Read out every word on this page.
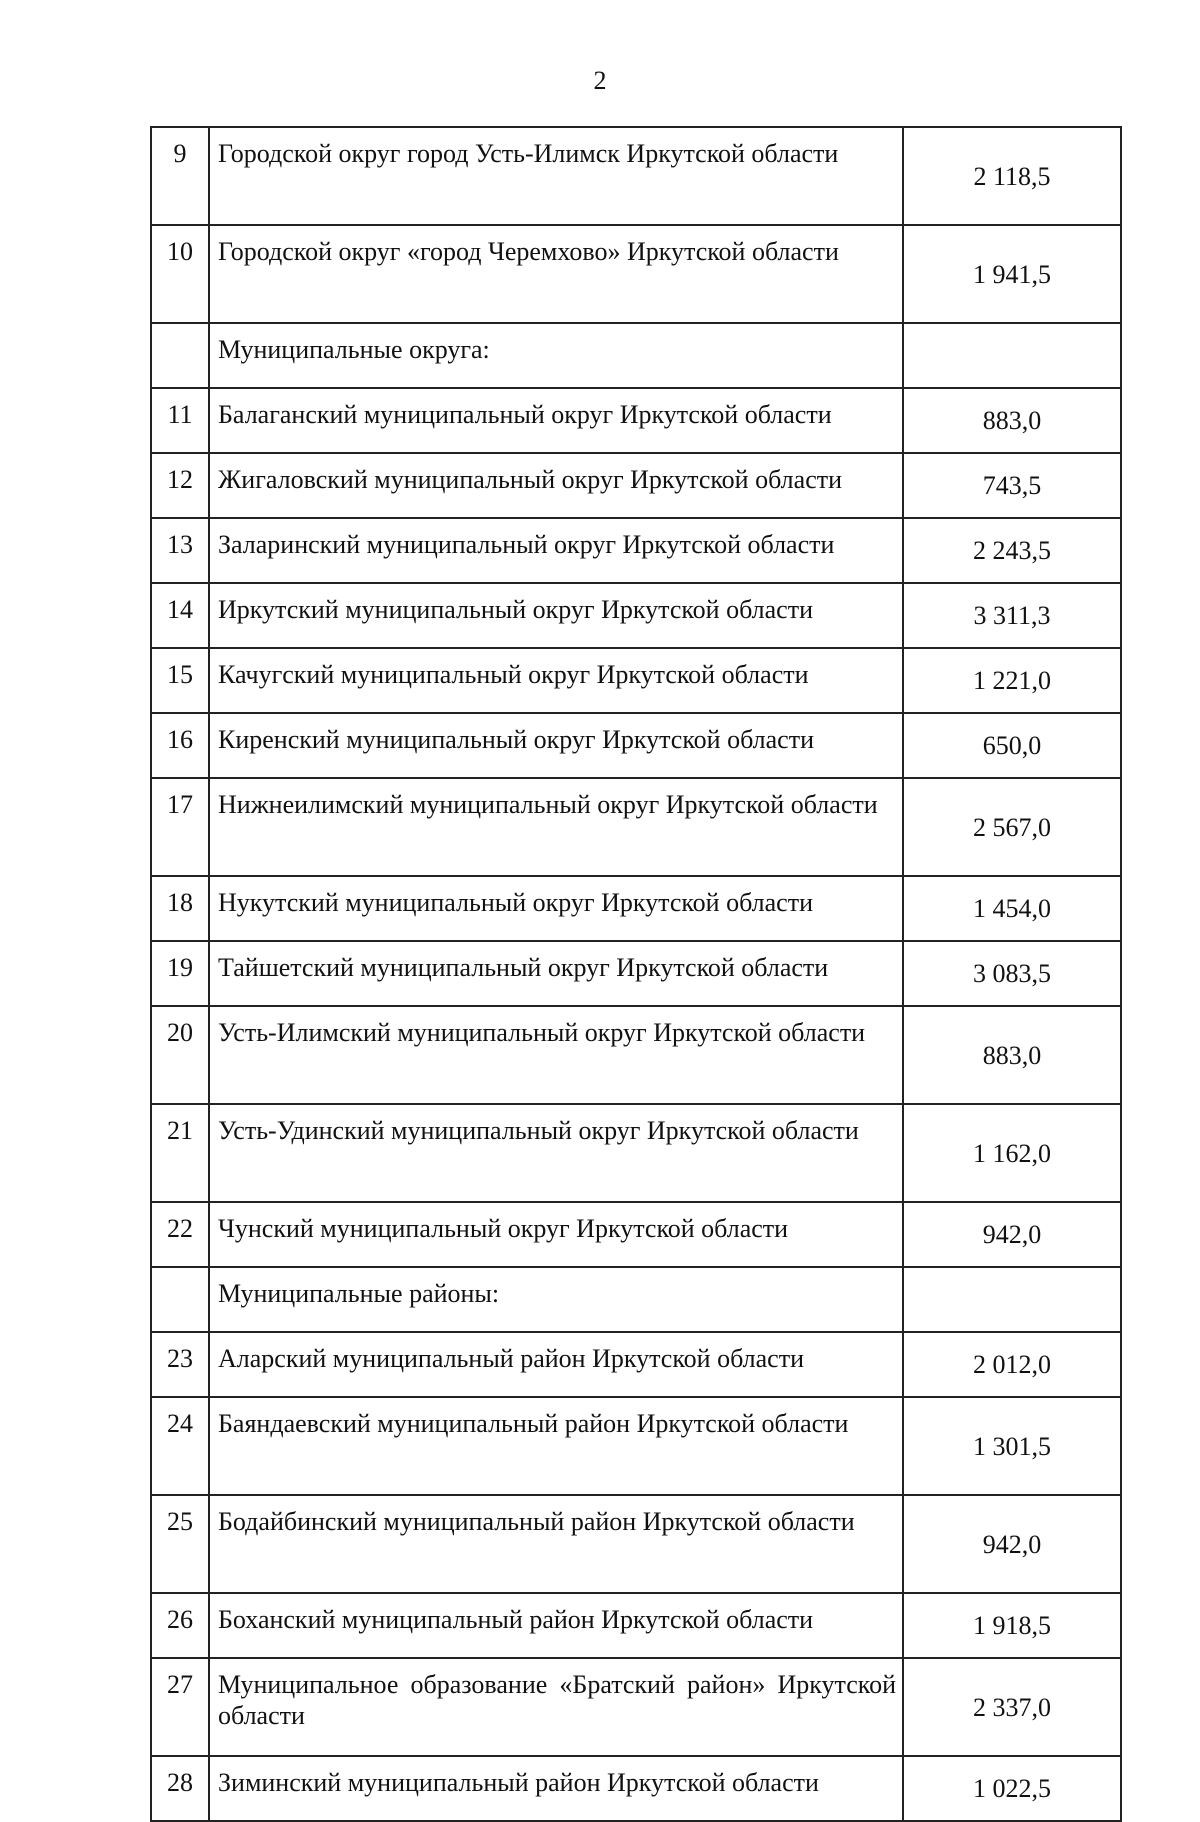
2
9	Городской округ город Усть-Илимск Иркутской области	2 118,5
10	Городской округ «город Черемхово» Иркутской области	1 941,5
	Муниципальные округа:	
11	Балаганский муниципальный округ Иркутской области	883,0
12	Жигаловский муниципальный округ Иркутской области	743,5
13	Заларинский муниципальный округ Иркутской области	2 243,5
14	Иркутский муниципальный округ Иркутской области	3 311,3
15	Качугский муниципальный округ Иркутской области	1 221,0
16	Киренский муниципальный округ Иркутской области	650,0
17	Нижнеилимский муниципальный округ Иркутской области	2 567,0
18	Нукутский муниципальный округ Иркутской области	1 454,0
19	Тайшетский муниципальный округ Иркутской области	3 083,5
20	Усть-Илимский муниципальный округ Иркутской области	883,0
21	Усть-Удинский муниципальный округ Иркутской области	1 162,0
22	Чунский муниципальный округ Иркутской области	942,0
	Муниципальные районы:	
23	Аларский муниципальный район Иркутской области	2 012,0
24	Баяндаевский муниципальный район Иркутской области	1 301,5
25	Бодайбинский муниципальный район Иркутской области	942,0
26	Боханский муниципальный район Иркутской области	1 918,5
27	Муниципальное образование «Братский район» Иркутской области	2 337,0
28	Зиминский муниципальный район Иркутской области	1 022,5
